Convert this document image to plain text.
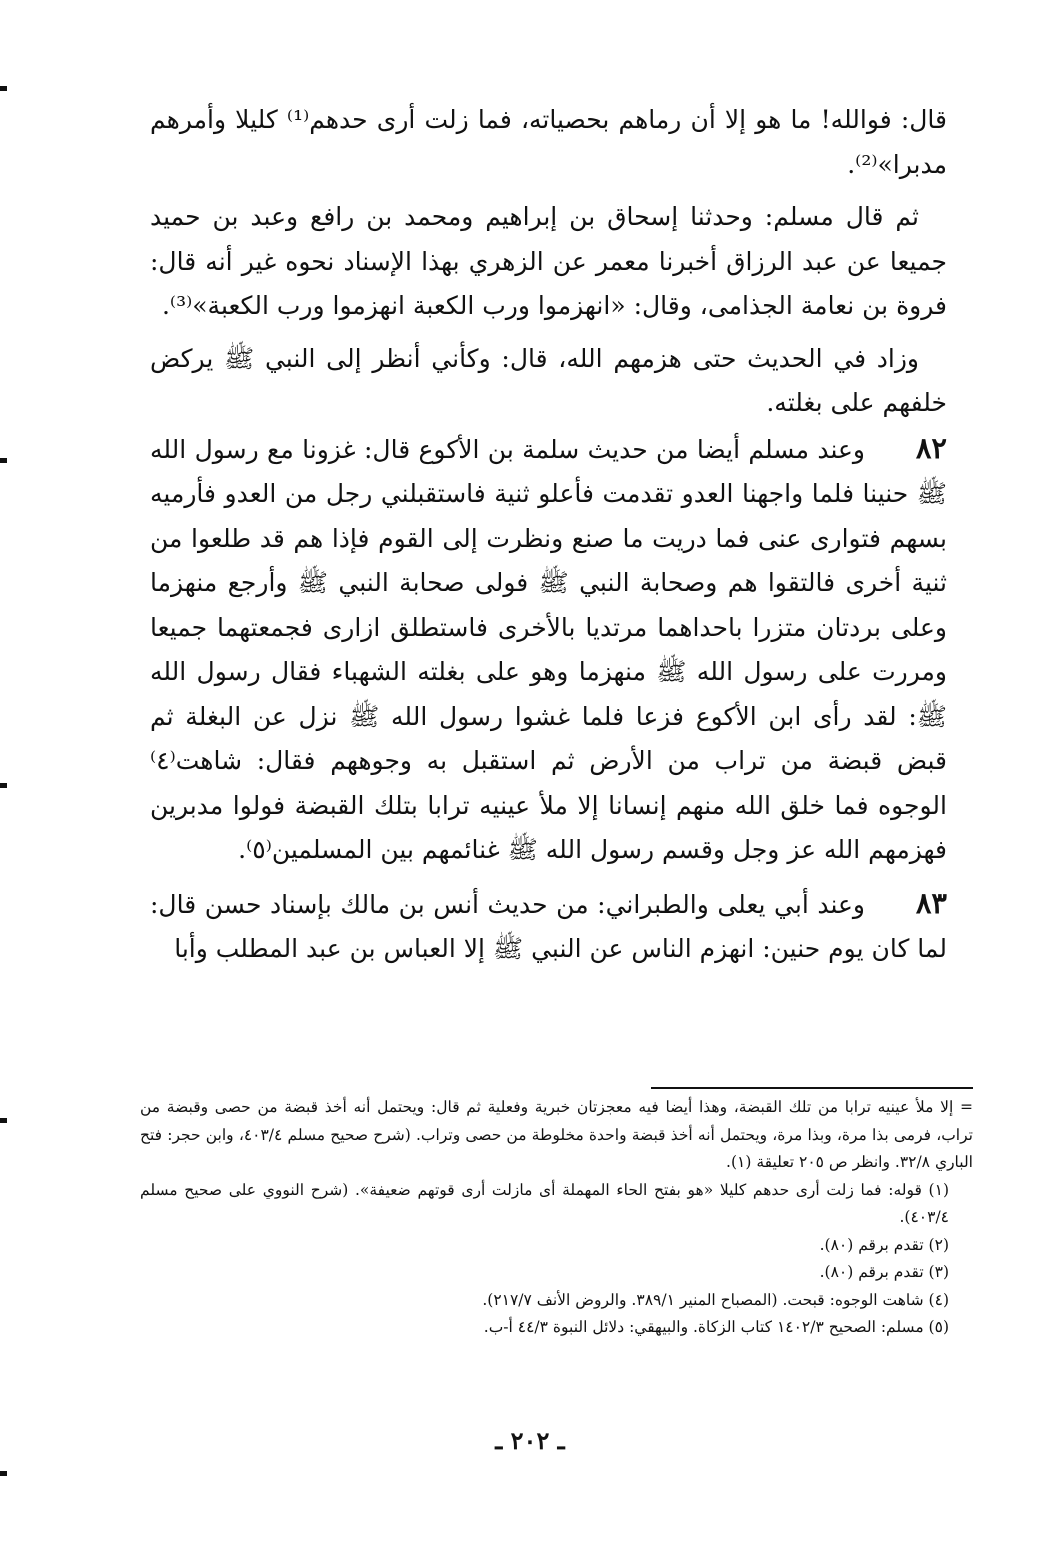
قال: فوالله! ما هو إلا أن رماهم بحصياته، فما زلت أرى حدهم⁽¹⁾ كليلا وأمرهم مدبرا»⁽²⁾.

ثم قال مسلم: وحدثنا إسحاق بن إبراهيم ومحمد بن رافع وعبد بن حميد جميعا عن عبد الرزاق أخبرنا معمر عن الزهري بهذا الإسناد نحوه غير أنه قال: فروة بن نعامة الجذامى، وقال: «انهزموا ورب الكعبة انهزموا ورب الكعبة»⁽³⁾.

وزاد في الحديث حتى هزمهم الله، قال: وكأني أنظر إلى النبي ﷺ يركض خلفهم على بغلته.

٨٢وعند مسلم أيضا من حديث سلمة بن الأكوع قال: غزونا مع رسول الله ﷺ حنينا فلما واجهنا العدو تقدمت فأعلو ثنية فاستقبلني رجل من العدو فأرميه بسهم فتوارى عنى فما دريت ما صنع ونظرت إلى القوم فإذا هم قد طلعوا من ثنية أخرى فالتقوا هم وصحابة النبي ﷺ فولى صحابة النبي ﷺ وأرجع منهزما وعلى بردتان متزرا باحداهما مرتديا بالأخرى فاستطلق ازارى فجمعتهما جميعا ومررت على رسول الله ﷺ منهزما وهو على بغلته الشهباء فقال رسول الله ﷺ: لقد رأى ابن الأكوع فزعا فلما غشوا رسول الله ﷺ نزل عن البغلة ثم قبض قبضة من تراب من الأرض ثم استقبل به وجوههم فقال: شاهت⁽٤⁾ الوجوه فما خلق الله منهم إنسانا إلا ملأ عينيه ترابا بتلك القبضة فولوا مدبرين فهزمهم الله عز وجل وقسم رسول الله ﷺ غنائمهم بين المسلمين⁽٥⁾.

٨٣وعند أبي يعلى والطبراني: من حديث أنس بن مالك بإسناد حسن قال: لما كان يوم حنين: انهزم الناس عن النبي ﷺ إلا العباس بن عبد المطلب وأبا

= إلا ملأ عينيه ترابا من تلك القبضة، وهذا أيضا فيه معجزتان خبرية وفعلية ثم قال: ويحتمل أنه أخذ قبضة من حصى وقبضة من تراب، فرمى بذا مرة، وبذا مرة، ويحتمل أنه أخذ قبضة واحدة مخلوطة من حصى وتراب. (شرح صحيح مسلم ٤٠٣/٤، وابن حجر: فتح الباري ٣٢/٨. وانظر ص ٢٠٥ تعليقة (١).

(١) قوله: فما زلت أرى حدهم كليلا «هو بفتح الحاء المهملة أى مازلت أرى قوتهم ضعيفة». (شرح النووي على صحيح مسلم ٤٠٣/٤).

(٢) تقدم برقم (٨٠).

(٣) تقدم برقم (٨٠).

(٤) شاهت الوجوه: قبحت. (المصباح المنير ٣٨٩/١. والروض الأنف ٢١٧/٧).

(٥) مسلم: الصحيح ١٤٠٢/٣ كتاب الزكاة. والبيهقي: دلائل النبوة ٤٤/٣ أ-ب.

ـ ٢٠٢ ـ
